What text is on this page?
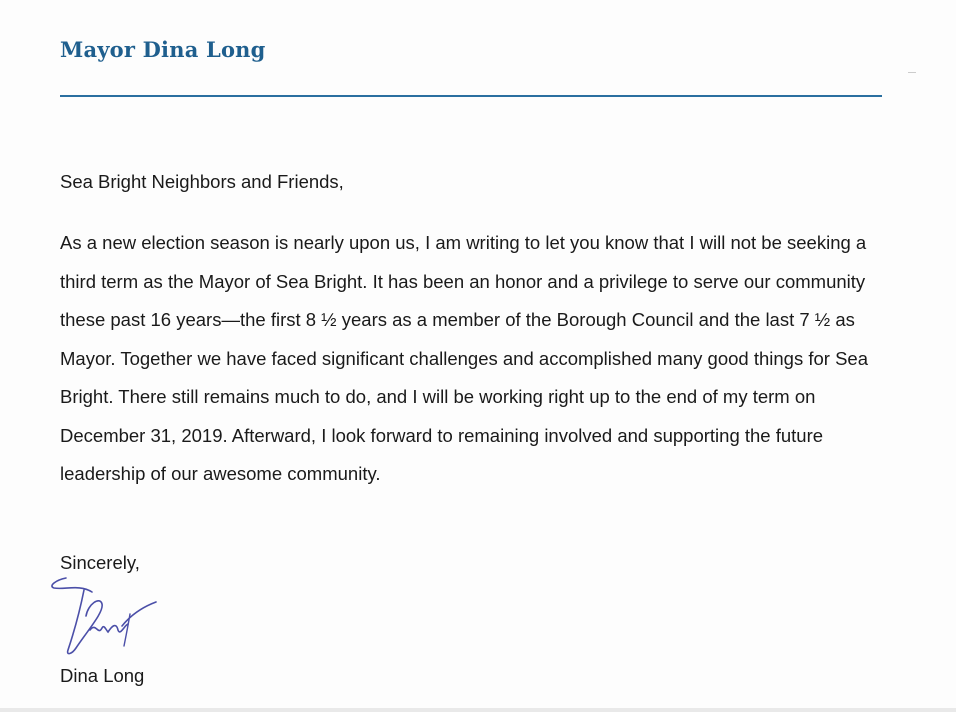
Mayor Dina Long
Sea Bright Neighbors and Friends,
As a new election season is nearly upon us, I am writing to let you know that I will not be seeking a third term as the Mayor of Sea Bright. It has been an honor and a privilege to serve our community these past 16 years—the first 8 ½ years as a member of the Borough Council and the last 7 ½ as Mayor. Together we have faced significant challenges and accomplished many good things for Sea Bright. There still remains much to do, and I will be working right up to the end of my term on December 31, 2019. Afterward, I look forward to remaining involved and supporting the future leadership of our awesome community.
Sincerely,
Dina Long
